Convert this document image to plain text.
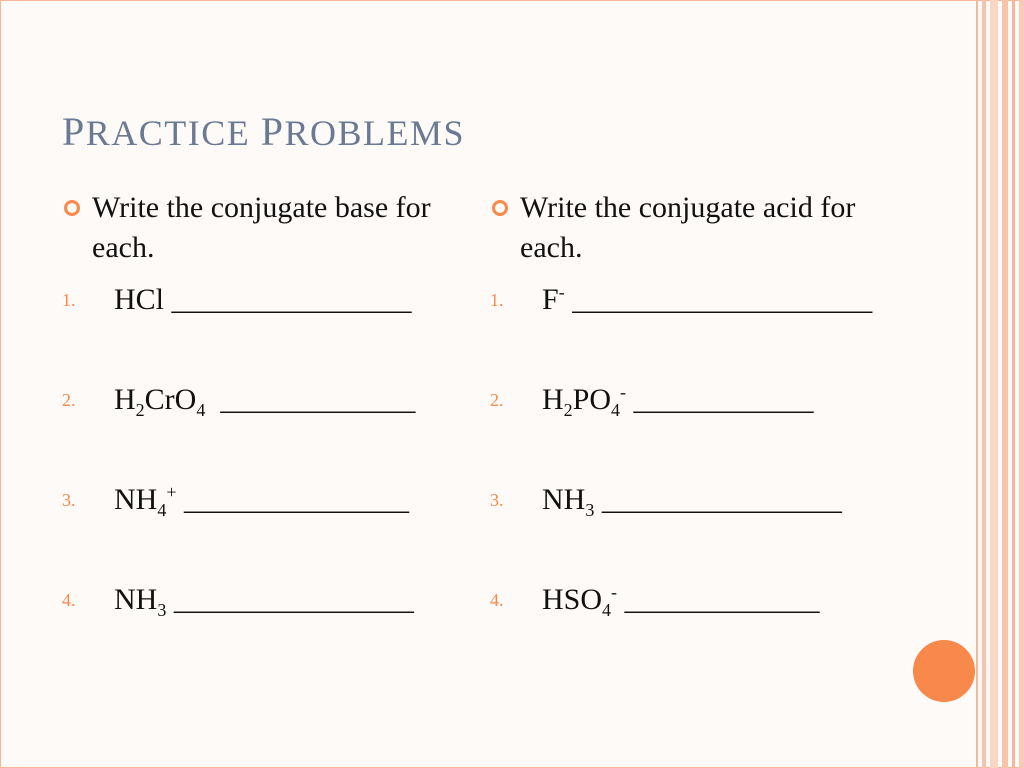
PRACTICE PROBLEMS
Write the conjugate base for each.
1. HCl ________________
2. $H_2CrO_4$ _____________
3. $NH_4^+$ _______________
4. $NH_3$ ________________
Write the conjugate acid for each.
1. F- ____________________
2. $H_2PO_4^-$ ____________
3. $NH_3$ ________________
4. $HSO_4^-$ _____________
